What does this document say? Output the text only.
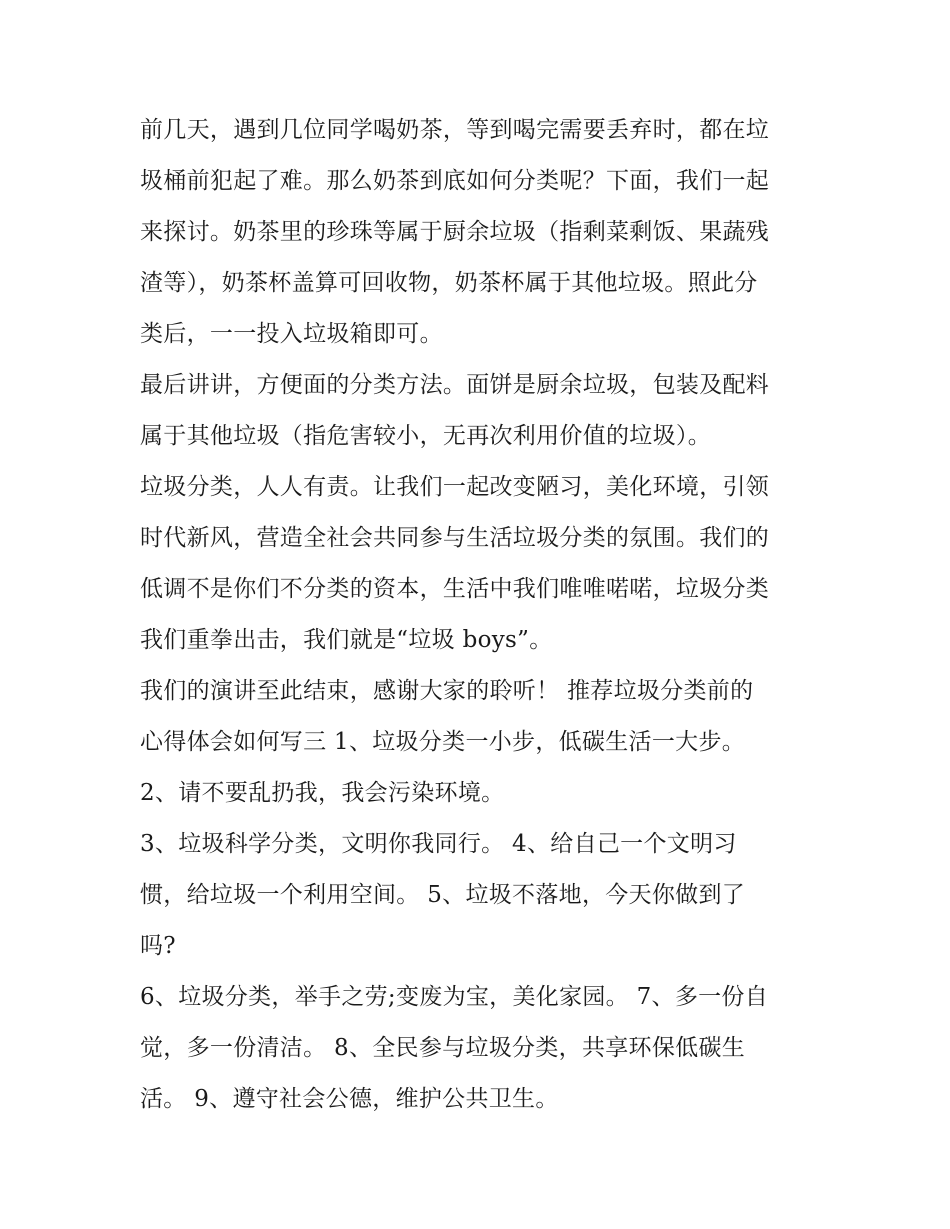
前几天，遇到几位同学喝奶茶，等到喝完需要丢弃时，都在垃
圾桶前犯起了难。那么奶茶到底如何分类呢？下面，我们一起
来探讨。奶茶里的珍珠等属于厨余垃圾（指剩菜剩饭、果蔬残
渣等），奶茶杯盖算可回收物，奶茶杯属于其他垃圾。照此分
类后，一一投入垃圾箱即可。
最后讲讲，方便面的分类方法。面饼是厨余垃圾，包装及配料
属于其他垃圾（指危害较小，无再次利用价值的垃圾）。
垃圾分类，人人有责。让我们一起改变陋习，美化环境，引领
时代新风，营造全社会共同参与生活垃圾分类的氛围。我们的
低调不是你们不分类的资本，生活中我们唯唯喏喏，垃圾分类
我们重拳出击，我们就是“垃圾 boys”。
我们的演讲至此结束，感谢大家的聆听！ 推荐垃圾分类前的
心得体会如何写三 1、垃圾分类一小步，低碳生活一大步。
2、请不要乱扔我，我会污染环境。
3、垃圾科学分类，文明你我同行。 4、给自己一个文明习
惯，给垃圾一个利用空间。 5、垃圾不落地，今天你做到了
吗?
6、垃圾分类，举手之劳;变废为宝，美化家园。 7、多一份自
觉，多一份清洁。 8、全民参与垃圾分类，共享环保低碳生
活。 9、遵守社会公德，维护公共卫生。
